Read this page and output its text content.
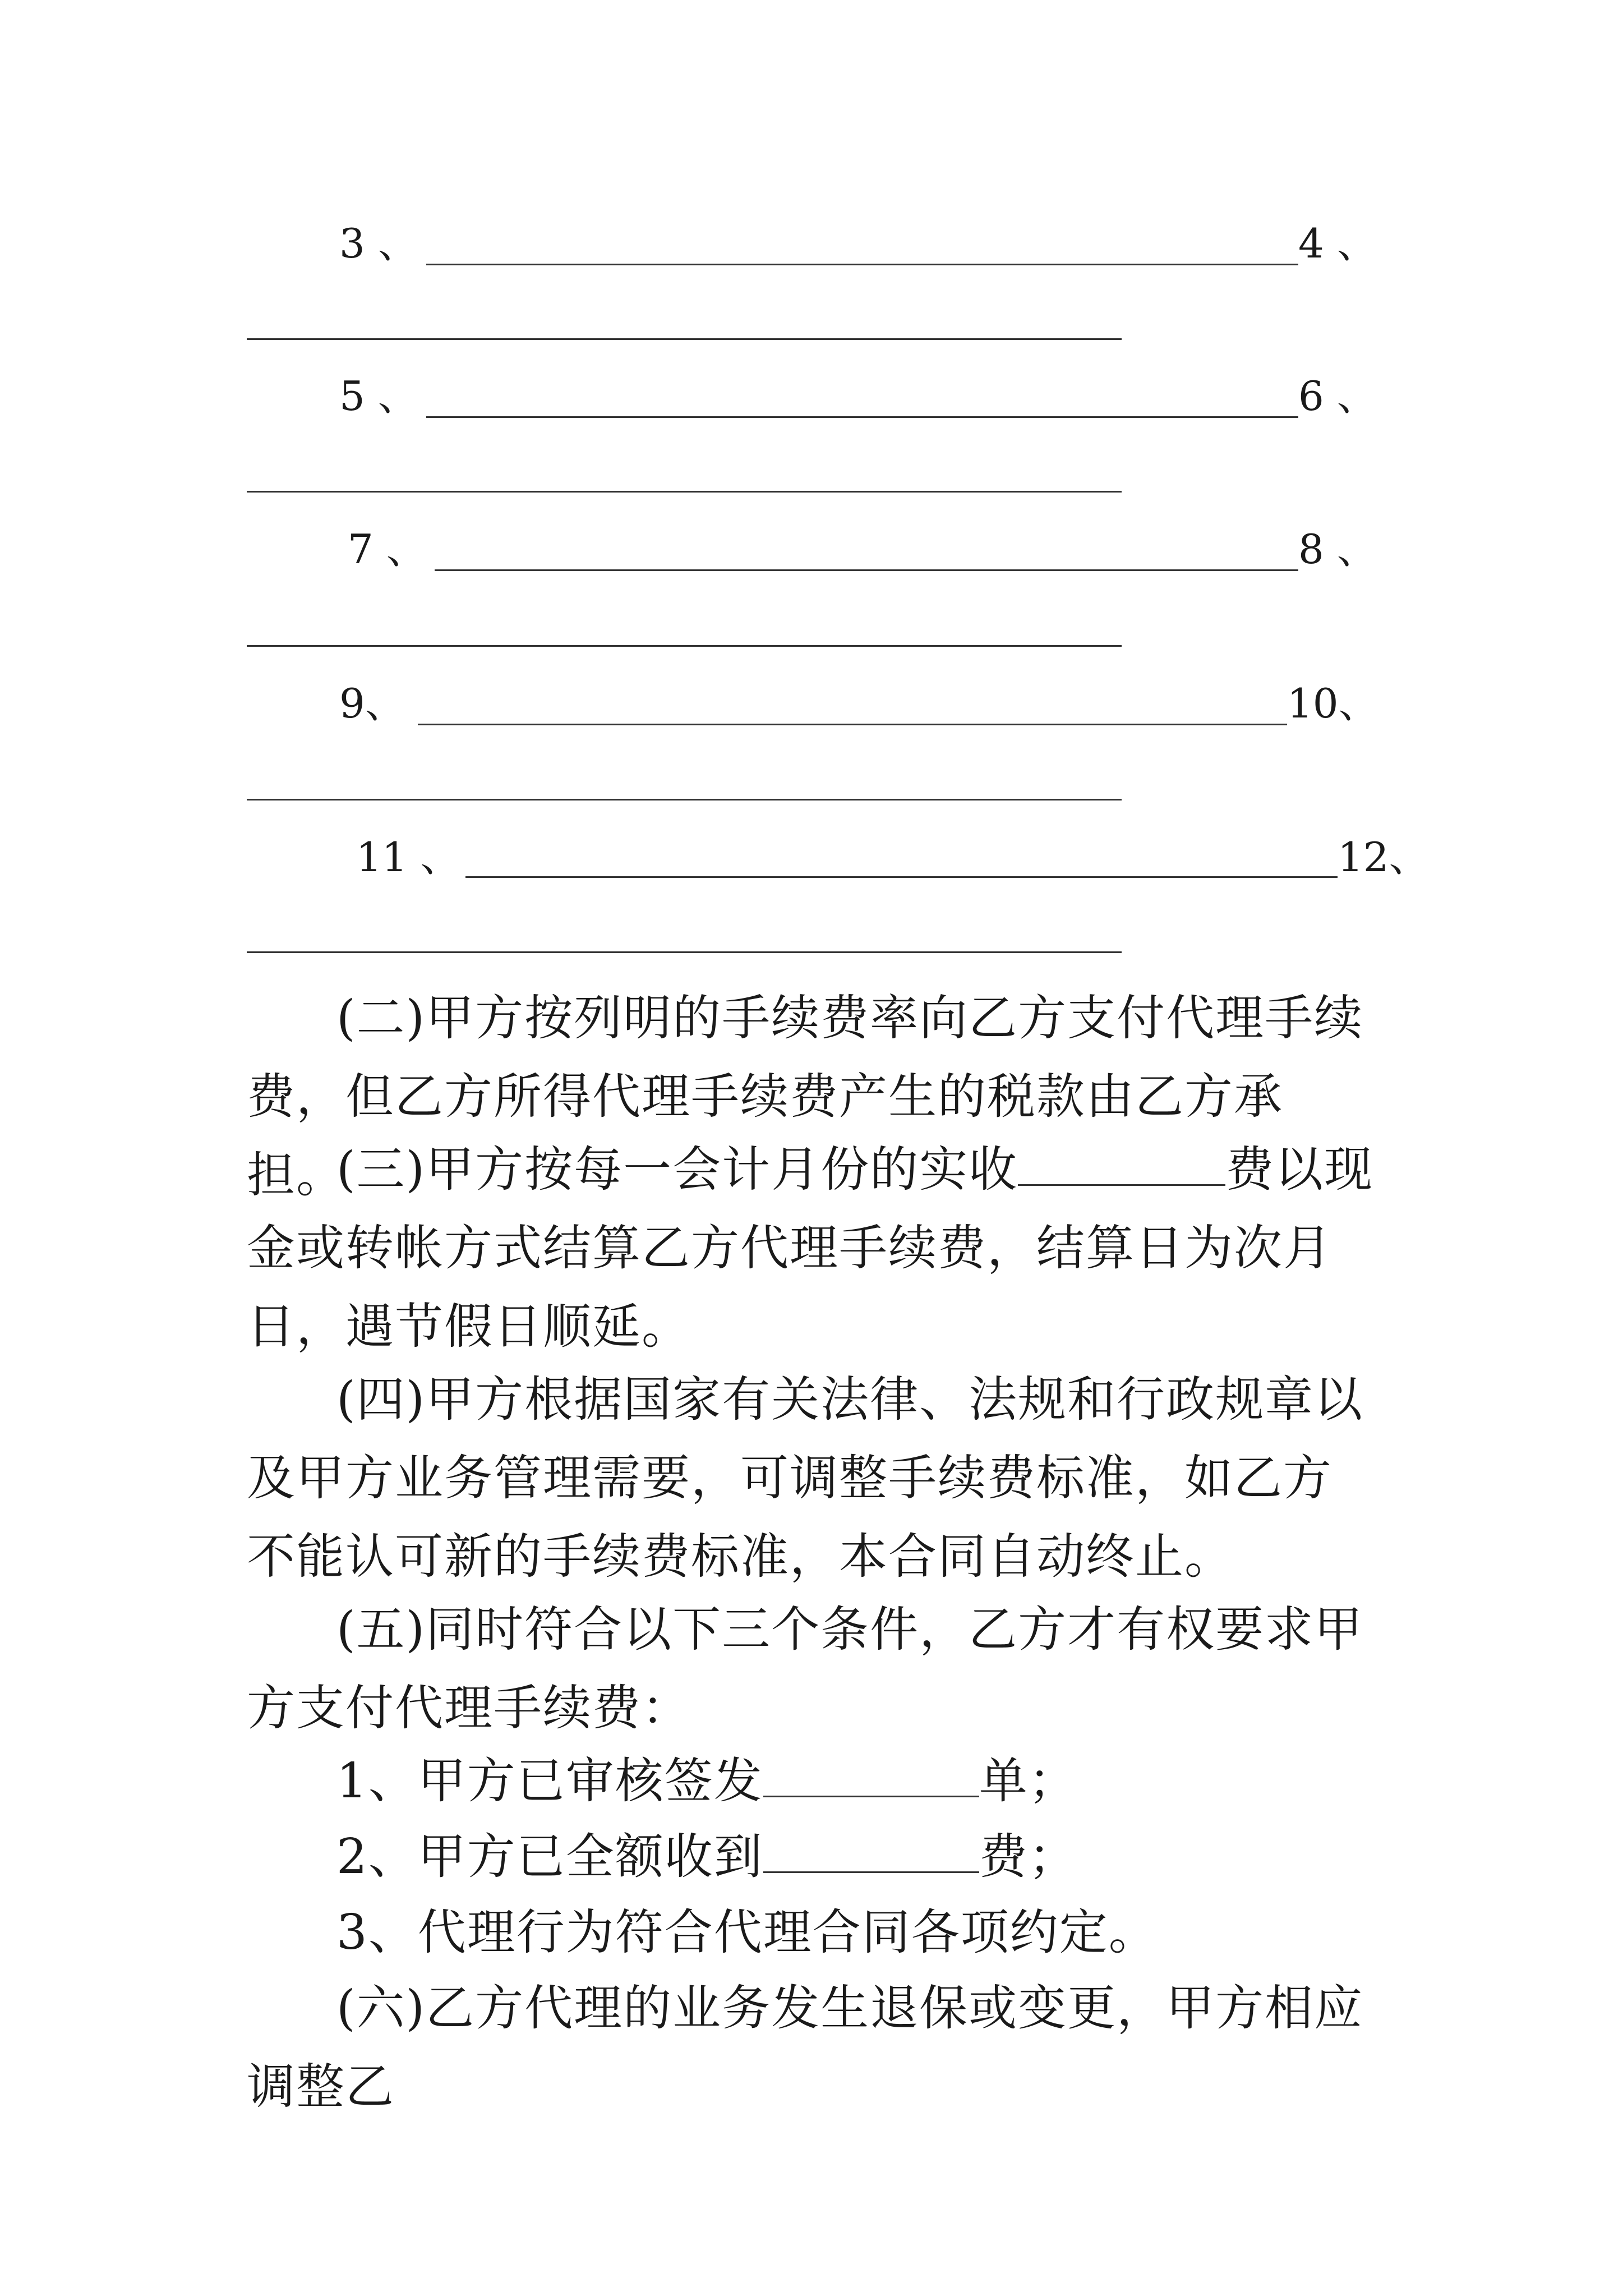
3 、	4 、
5 、	6 、
7 、	8 、
9、	10、
11 、	12、
(二)甲方按列明的手续费率向乙方支付代理手续费，但乙方所得代理手续费产生的税款由乙方承担。
(三)甲方按每一会计月份的实收	费以现金或转帐方式结算乙方代理手续费，结算日为次月日，遇节假日顺延。
(四)甲方根据国家有关法律、法规和行政规章以及甲方业务管理需要，可调整手续费标准，如乙方不能认可新的手续费标准，本合同自动终止。
(五)同时符合以下三个条件，乙方才有权要求甲方支付代理手续费：
1、甲方已审核签发	单；
2、甲方已全额收到	费；
3、代理行为符合代理合同各项约定。
(六)乙方代理的业务发生退保或变更，甲方相应调整乙
